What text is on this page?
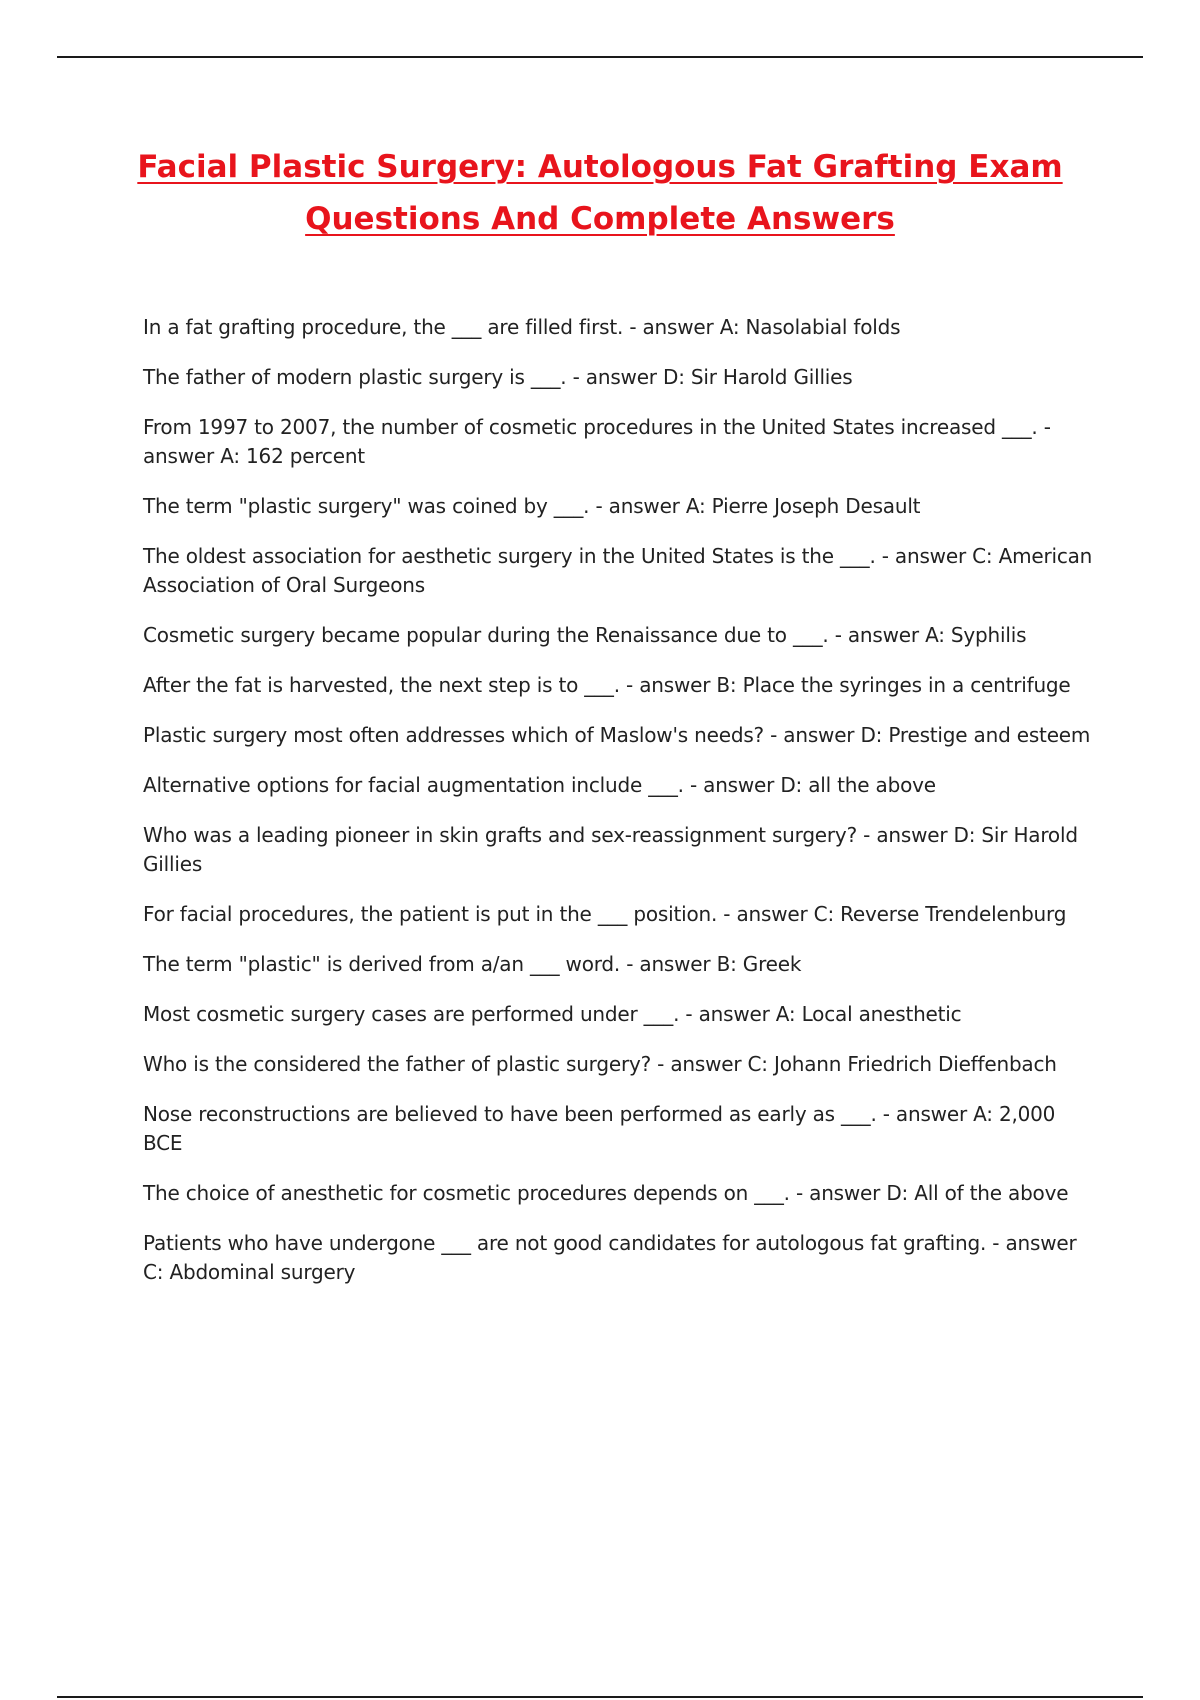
Facial Plastic Surgery: Autologous Fat Grafting Exam
Questions And Complete Answers
In a fat grafting procedure, the ___ are filled first. - answer A: Nasolabial folds
The father of modern plastic surgery is ___. - answer D: Sir Harold Gillies
From 1997 to 2007, the number of cosmetic procedures in the United States increased ___. - answer A: 162 percent
The term "plastic surgery" was coined by ___. - answer A: Pierre Joseph Desault
The oldest association for aesthetic surgery in the United States is the ___. - answer C: American Association of Oral Surgeons
Cosmetic surgery became popular during the Renaissance due to ___. - answer A: Syphilis
After the fat is harvested, the next step is to ___. - answer B: Place the syringes in a centrifuge
Plastic surgery most often addresses which of Maslow's needs? - answer D: Prestige and esteem
Alternative options for facial augmentation include ___. - answer D: all the above
Who was a leading pioneer in skin grafts and sex-reassignment surgery? - answer D: Sir Harold Gillies
For facial procedures, the patient is put in the ___ position. - answer C: Reverse Trendelenburg
The term "plastic" is derived from a/an ___ word. - answer B: Greek
Most cosmetic surgery cases are performed under ___. - answer A: Local anesthetic
Who is the considered the father of plastic surgery? - answer C: Johann Friedrich Dieffenbach
Nose reconstructions are believed to have been performed as early as ___. - answer A: 2,000 BCE
The choice of anesthetic for cosmetic procedures depends on ___. - answer D: All of the above
Patients who have undergone ___ are not good candidates for autologous fat grafting. - answer C: Abdominal surgery
